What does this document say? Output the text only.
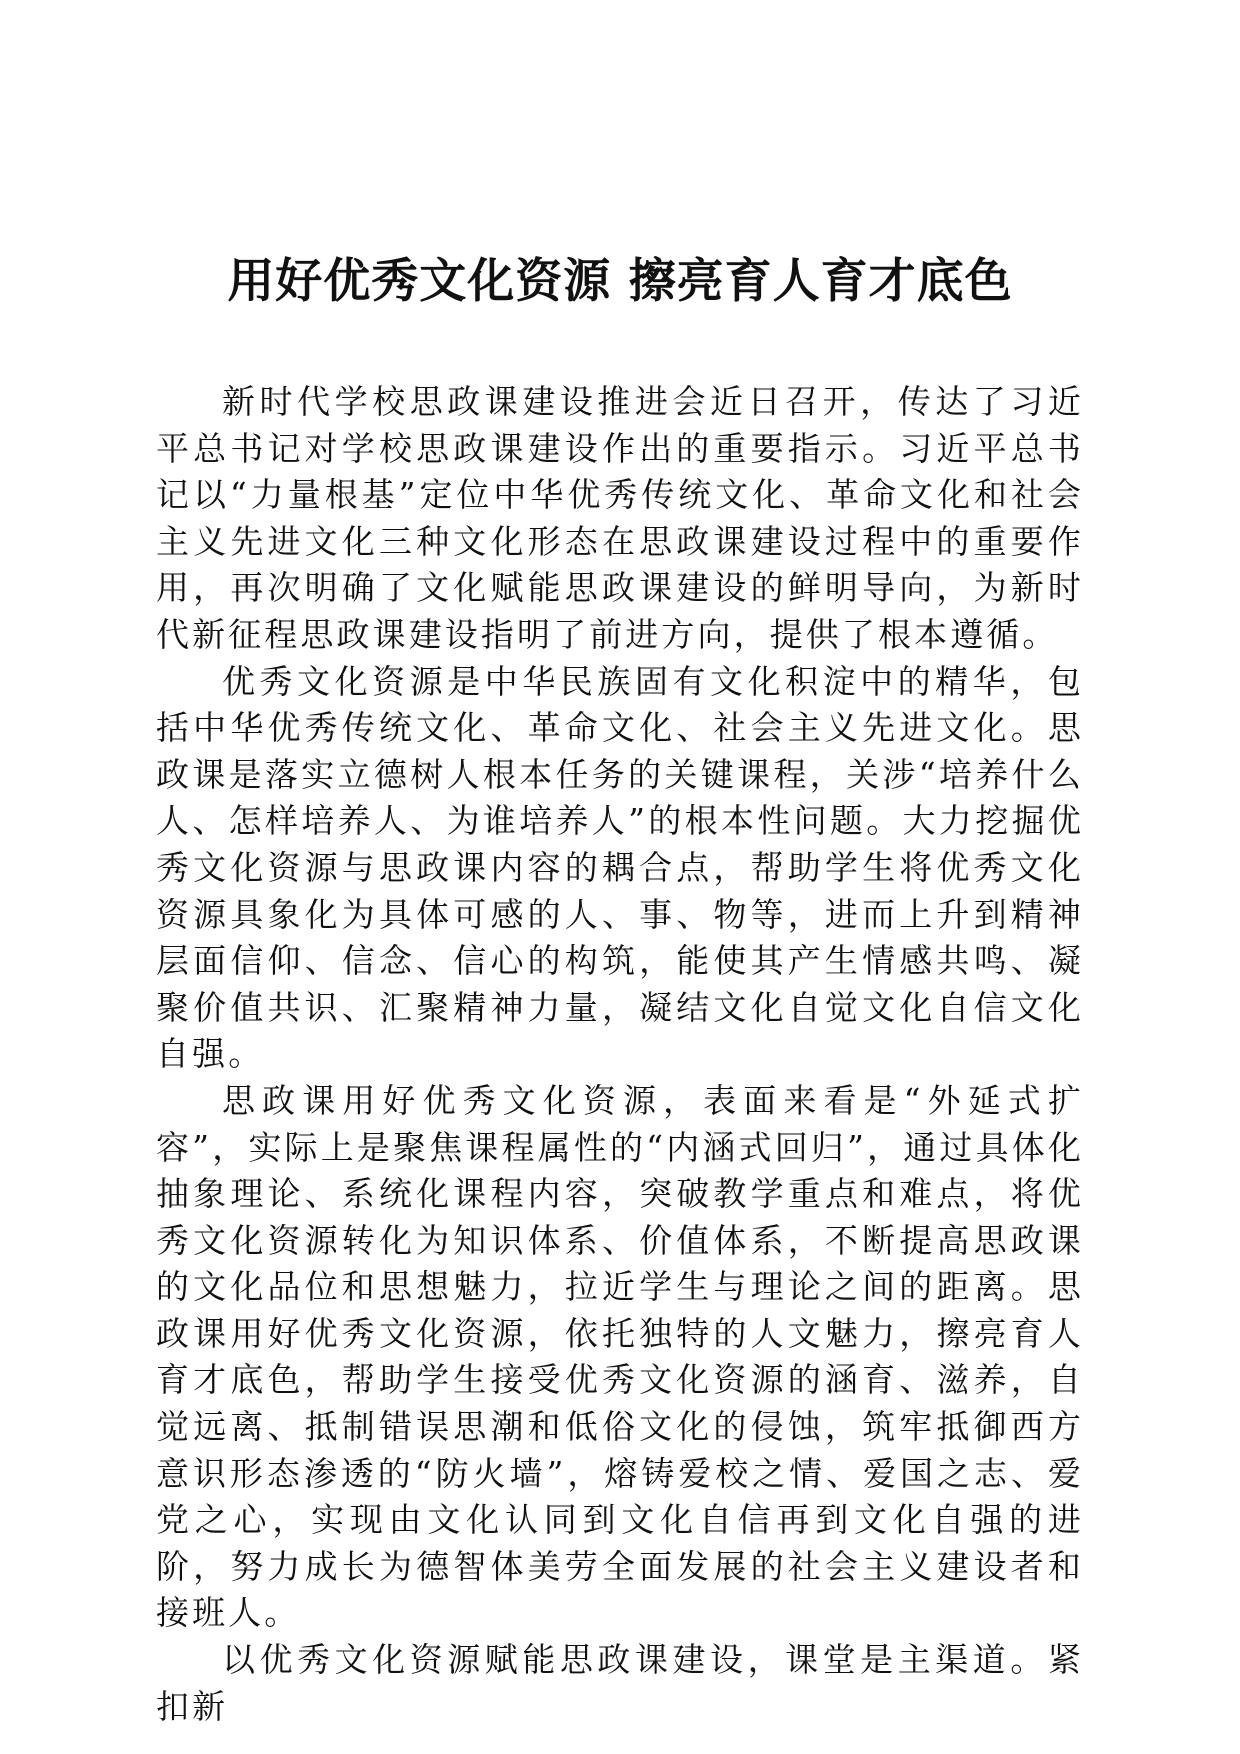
用好优秀文化资源 擦亮育人育才底色

新时代学校思政课建设推进会近日召开，传达了习近平总书记对学校思政课建设作出的重要指示。习近平总书记以“力量根基”定位中华优秀传统文化、革命文化和社会主义先进文化三种文化形态在思政课建设过程中的重要作用，再次明确了文化赋能思政课建设的鲜明导向，为新时代新征程思政课建设指明了前进方向，提供了根本遵循。

优秀文化资源是中华民族固有文化积淀中的精华，包括中华优秀传统文化、革命文化、社会主义先进文化。思政课是落实立德树人根本任务的关键课程，关涉“培养什么人、怎样培养人、为谁培养人”的根本性问题。大力挖掘优秀文化资源与思政课内容的耦合点，帮助学生将优秀文化资源具象化为具体可感的人、事、物等，进而上升到精神层面信仰、信念、信心的构筑，能使其产生情感共鸣、凝聚价值共识、汇聚精神力量，凝结文化自觉文化自信文化自强。

思政课用好优秀文化资源，表面来看是“外延式扩容”，实际上是聚焦课程属性的“内涵式回归”，通过具体化抽象理论、系统化课程内容，突破教学重点和难点，将优秀文化资源转化为知识体系、价值体系，不断提高思政课的文化品位和思想魅力，拉近学生与理论之间的距离。思政课用好优秀文化资源，依托独特的人文魅力，擦亮育人育才底色，帮助学生接受优秀文化资源的涵育、滋养，自觉远离、抵制错误思潮和低俗文化的侵蚀，筑牢抵御西方意识形态渗透的“防火墙”，熔铸爱校之情、爱国之志、爱党之心，实现由文化认同到文化自信再到文化自强的进阶，努力成长为德智体美劳全面发展的社会主义建设者和接班人。

以优秀文化资源赋能思政课建设，课堂是主渠道。紧扣新
